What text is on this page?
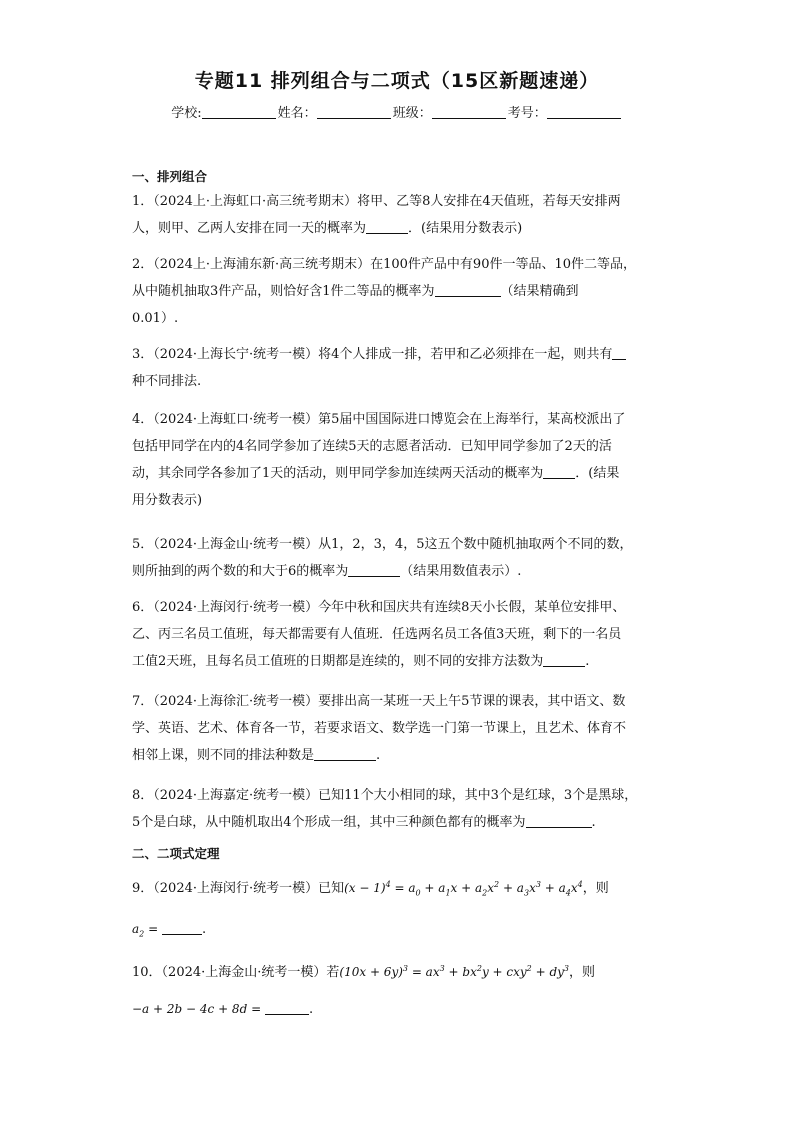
专题11 排列组合与二项式（15区新题速递）
学校:	姓名：	班级：	考号：
一、排列组合
1．（2024上·上海虹口·高三统考期末）将甲、乙等8人安排在4天值班，若每天安排两
人，则甲、乙两人安排在同一天的概率为	．(结果用分数表示)
2．（2024上·上海浦东新·高三统考期末）在100件产品中有90件一等品、10件二等品，
从中随机抽取3件产品，则恰好含1件二等品的概率为	（结果精确到
0.01）.
3．（2024·上海长宁·统考一模）将4个人排成一排，若甲和乙必须排在一起，则共有
种不同排法.
4．（2024·上海虹口·统考一模）第5届中国国际进口博览会在上海举行，某高校派出了
包括甲同学在内的4名同学参加了连续5天的志愿者活动．已知甲同学参加了2天的活
动，其余同学各参加了1天的活动，则甲同学参加连续两天活动的概率为 ．(结果
用分数表示)
5．（2024·上海金山·统考一模）从1，2，3，4，5这五个数中随机抽取两个不同的数，
则所抽到的两个数的和大于6的概率为	（结果用数值表示）.
6．（2024·上海闵行·统考一模）今年中秋和国庆共有连续8天小长假，某单位安排甲、
乙、丙三名员工值班，每天都需要有人值班．任选两名员工各值3天班，剩下的一名员
工值2天班，且每名员工值班的日期都是连续的，则不同的安排方法数为	.
7．（2024·上海徐汇·统考一模）要排出高一某班一天上午5节课的课表，其中语文、数
学、英语、艺术、体育各一节，若要求语文、数学选一门第一节课上，且艺术、体育不
相邻上课，则不同的排法种数是	.
8．（2024·上海嘉定·统考一模）已知11个大小相同的球，其中3个是红球，3个是黑球，
5个是白球，从中随机取出4个形成一组，其中三种颜色都有的概率为	.
二、二项式定理
9．（2024·上海闵行·统考一模）已知$(x - 1)^4 = a_0 + a_1x + a_2x^2 + a_3x^3 + a_4x^4$，则
$a_2$ =	.
10．（2024·上海金山·统考一模）若$(10x + 6y)^3 = ax^3 + bx^2y + cxy^2 + dy^3$，则
−a + 2b − 4c + 8d =	.
